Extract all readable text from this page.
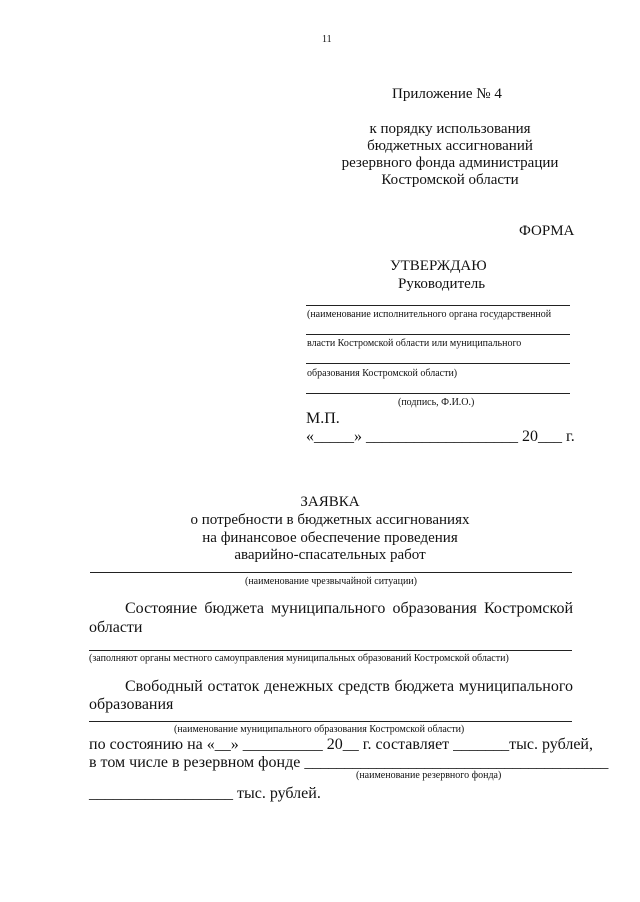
11
Приложение № 4
к порядку использования
бюджетных ассигнований
резервного фонда администрации
Костромской области
ФОРМА
УТВЕРЖДАЮ
Руководитель
(наименование исполнительного органа государственной
власти Костромской области или муниципального
образования Костромской области)
(подпись, Ф.И.О.)
М.П.
«_____» ___________________ 20___ г.
ЗАЯВКА
о потребности в бюджетных ассигнованиях
на финансовое обеспечение проведения
аварийно-спасательных работ
(наименование чрезвычайной ситуации)
Состояние бюджета муниципального образования Костромской
области
(заполняют органы местного самоуправления муниципальных образований Костромской области)
Свободный остаток денежных средств бюджета муниципального
образования
(наименование муниципального образования Костромской области)
по состоянию на «__» __________ 20__ г. составляет _______тыс. рублей,
в том числе в резервном фонде ______________________________________
(наименование резервного фонда)
__________________ тыс. рублей.
